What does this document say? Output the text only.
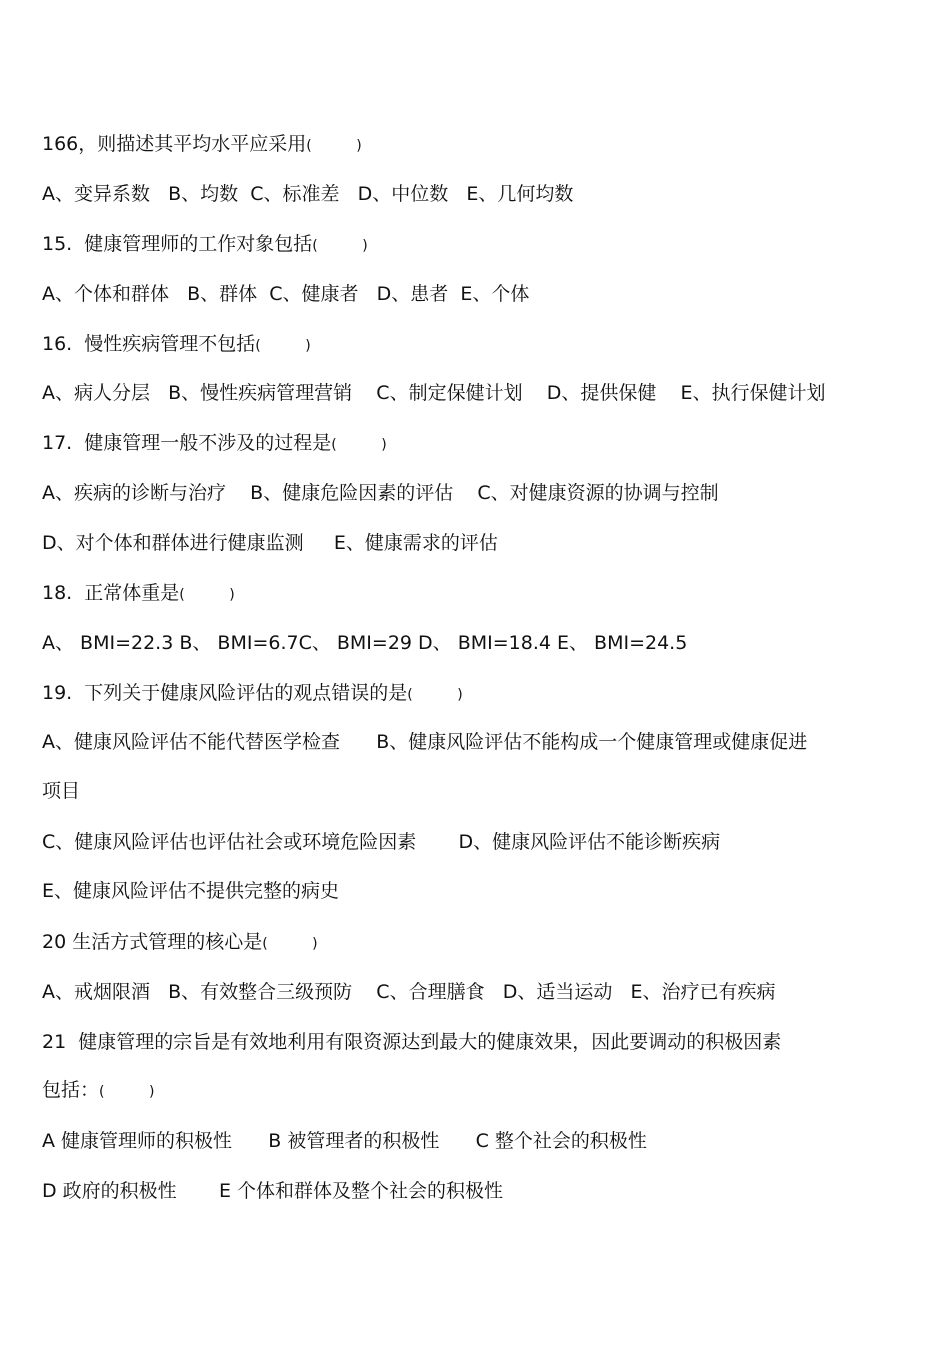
166，则描述其平均水平应采用(          )
A、变异系数   B、均数  C、标准差   D、中位数   E、几何均数
15.  健康管理师的工作对象包括(          )
A、个体和群体   B、群体  C、健康者   D、患者  E、个体
16.  慢性疾病管理不包括(          )
A、病人分层   B、慢性疾病管理营销    C、制定保健计划    D、提供保健    E、执行保健计划
17.  健康管理一般不涉及的过程是(          )
A、疾病的诊断与治疗    B、健康危险因素的评估    C、对健康资源的协调与控制
D、对个体和群体进行健康监测     E、健康需求的评估
18.  正常体重是(          )
A、 BMI=22.3 B、 BMI=6.7C、 BMI=29 D、 BMI=18.4 E、 BMI=24.5
19.  下列关于健康风险评估的观点错误的是(          )
A、健康风险评估不能代替医学检查      B、健康风险评估不能构成一个健康管理或健康促进
项目
C、健康风险评估也评估社会或环境危险因素       D、健康风险评估不能诊断疾病
E、健康风险评估不提供完整的病史
20 生活方式管理的核心是(          )
A、戒烟限酒   B、有效整合三级预防    C、合理膳食   D、适当运动   E、治疗已有疾病
21  健康管理的宗旨是有效地利用有限资源达到最大的健康效果，因此要调动的积极因素
包括：(          )
A 健康管理师的积极性      B 被管理者的积极性      C 整个社会的积极性
D 政府的积极性       E 个体和群体及整个社会的积极性
